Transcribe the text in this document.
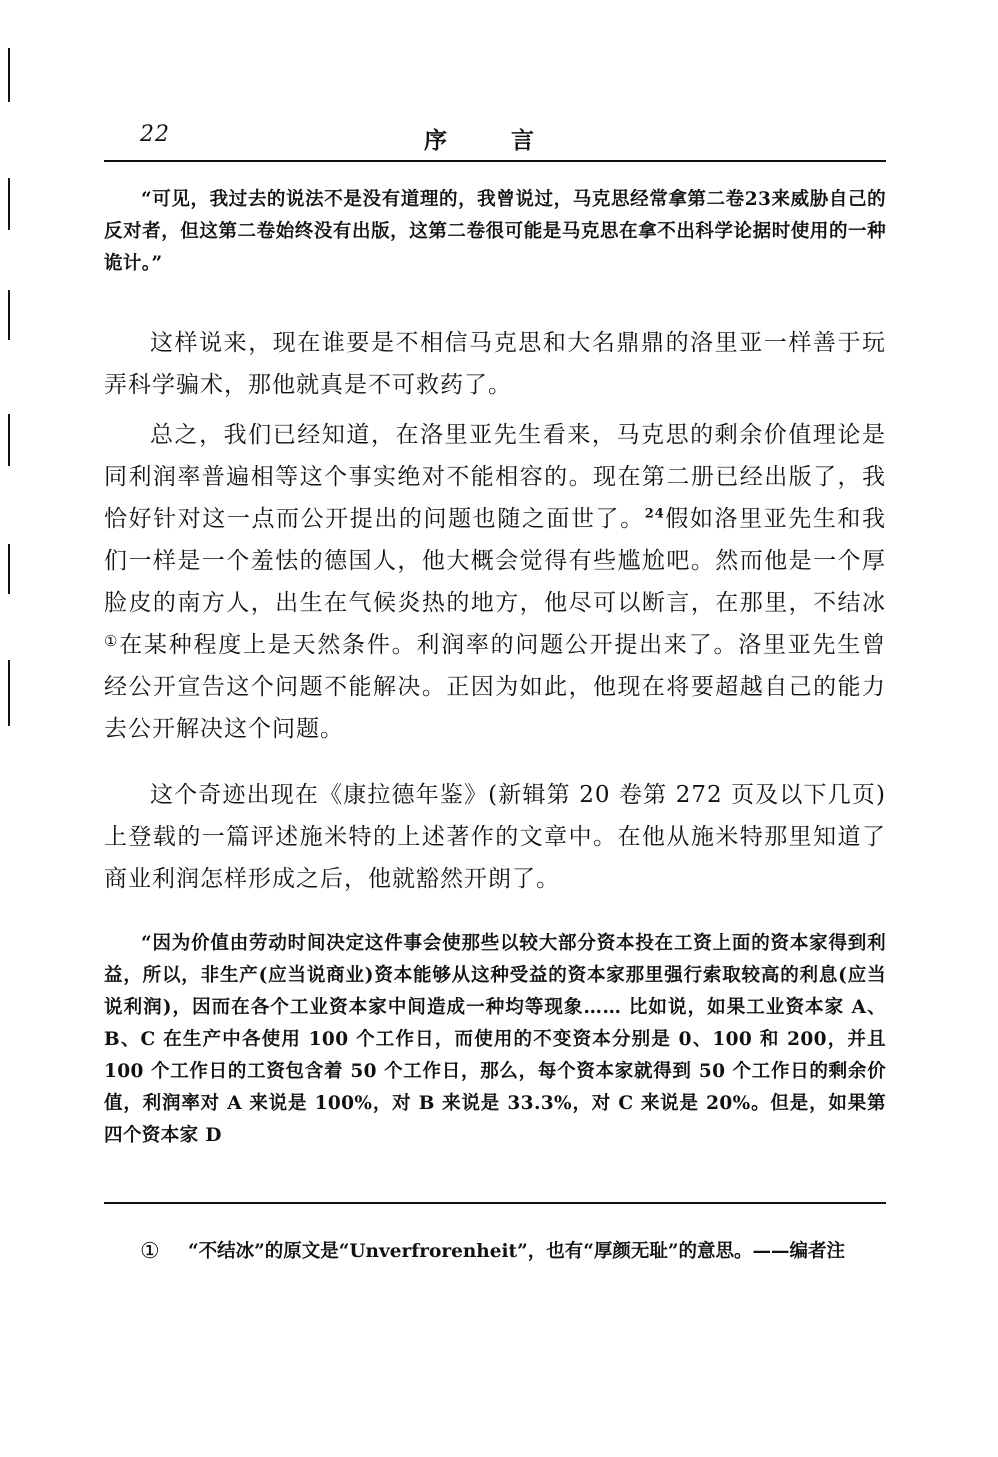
22	序言

“可见，我过去的说法不是没有道理的，我曾说过，马克思经常拿第二卷23来威胁自己的反对者，但这第二卷始终没有出版，这第二卷很可能是马克思在拿不出科学论据时使用的一种诡计。”

这样说来，现在谁要是不相信马克思和大名鼎鼎的洛里亚一样善于玩弄科学骗术，那他就真是不可救药了。

总之，我们已经知道，在洛里亚先生看来，马克思的剩余价值理论是同利润率普遍相等这个事实绝对不能相容的。现在第二册已经出版了，我恰好针对这一点而公开提出的问题也随之面世了。$^{24}$假如洛里亚先生和我们一样是一个羞怯的德国人，他大概会觉得有些尴尬吧。然而他是一个厚脸皮的南方人，出生在气候炎热的地方，他尽可以断言，在那里，不结冰①在某种程度上是天然条件。利润率的问题公开提出来了。洛里亚先生曾经公开宣告这个问题不能解决。正因为如此，他现在将要超越自己的能力去公开解决这个问题。

这个奇迹出现在《康拉德年鉴》(新辑第 20 卷第 272 页及以下几页)上登载的一篇评述施米特的上述著作的文章中。在他从施米特那里知道了商业利润怎样形成之后，他就豁然开朗了。

“因为价值由劳动时间决定这件事会使那些以较大部分资本投在工资上面的资本家得到利益，所以，非生产(应当说商业)资本能够从这种受益的资本家那里强行索取较高的利息(应当说利润)，因而在各个工业资本家中间造成一种均等现象…… 比如说，如果工业资本家 A、B、C 在生产中各使用 100 个工作日，而使用的不变资本分别是 0、100 和 200，并且 100 个工作日的工资包含着 50 个工作日，那么，每个资本家就得到 50 个工作日的剩余价值，利润率对 A 来说是 100%，对 B 来说是 33.3%，对 C 来说是 20%。但是，如果第四个资本家 D

① “不结冰”的原文是“Unverfrorenheit”，也有“厚颜无耻”的意思。——编者注
